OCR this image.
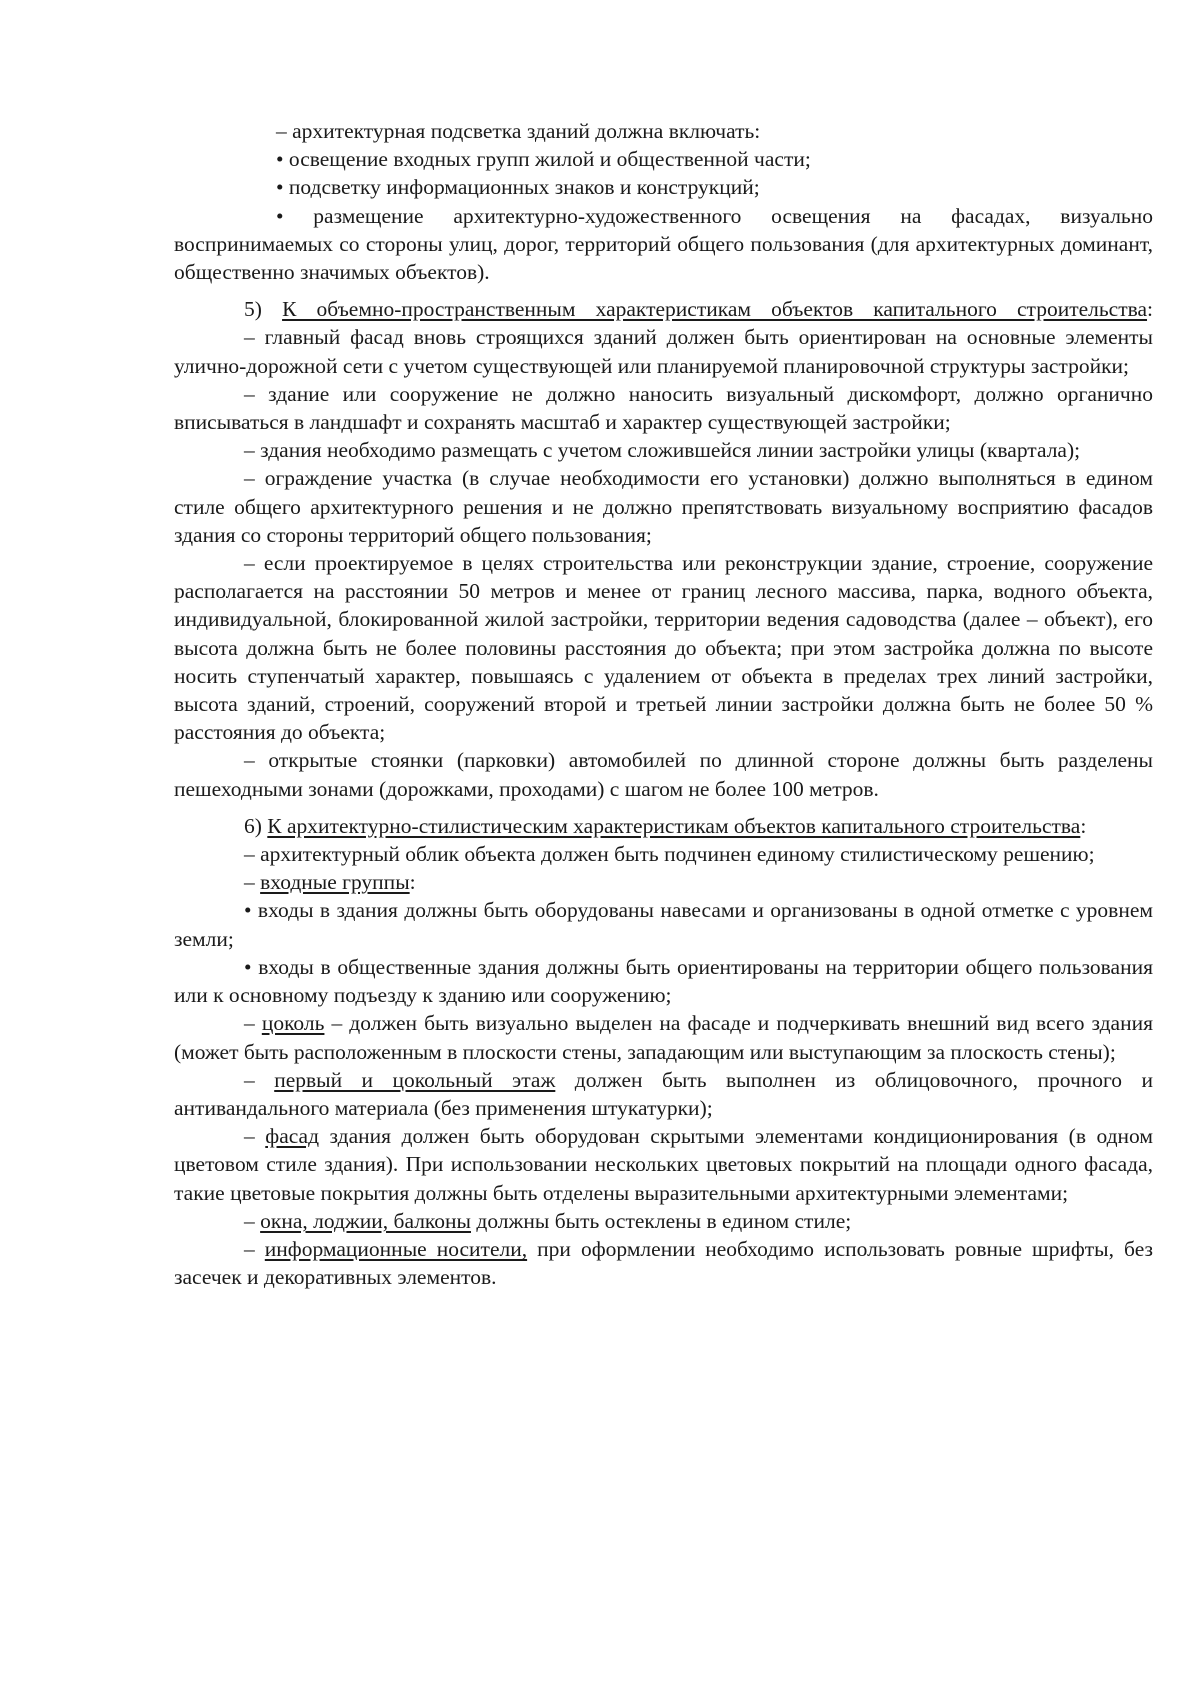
– архитектурная подсветка зданий должна включать:

• освещение входных групп жилой и общественной части;

• подсветку информационных знаков и конструкций;

• размещение архитектурно-художественного освещения на фасадах, визуально воспринимаемых со стороны улиц, дорог, территорий общего пользования (для архитектурных доминант, общественно значимых объектов).

5) К объемно-пространственным характеристикам объектов капитального строительства:

– главный фасад вновь строящихся зданий должен быть ориентирован на основные элементы улично-дорожной сети с учетом существующей или планируемой планировочной структуры застройки;

– здание или сооружение не должно наносить визуальный дискомфорт, должно органично вписываться в ландшафт и сохранять масштаб и характер существующей застройки;

– здания необходимо размещать с учетом сложившейся линии застройки улицы (квартала);

– ограждение участка (в случае необходимости его установки) должно выполняться в едином стиле общего архитектурного решения и не должно препятствовать визуальному восприятию фасадов здания со стороны территорий общего пользования;

– если проектируемое в целях строительства или реконструкции здание, строение, сооружение располагается на расстоянии 50 метров и менее от границ лесного массива, парка, водного объекта, индивидуальной, блокированной жилой застройки, территории ведения садоводства (далее – объект), его высота должна быть не более половины расстояния до объекта; при этом застройка должна по высоте носить ступенчатый характер, повышаясь с удалением от объекта в пределах трех линий застройки, высота зданий, строений, сооружений второй и третьей линии застройки должна быть не более 50 % расстояния до объекта;

– открытые стоянки (парковки) автомобилей по длинной стороне должны быть разделены пешеходными зонами (дорожками, проходами) с шагом не более 100 метров.

6) К архитектурно-стилистическим характеристикам объектов капитального строительства:

– архитектурный облик объекта должен быть подчинен единому стилистическому решению;

– входные группы:

• входы в здания должны быть оборудованы навесами и организованы в одной отметке с уровнем земли;

• входы в общественные здания должны быть ориентированы на территории общего пользования или к основному подъезду к зданию или сооружению;

– цоколь – должен быть визуально выделен на фасаде и подчеркивать внешний вид всего здания (может быть расположенным в плоскости стены, западающим или выступающим за плоскость стены);

– первый и цокольный этаж должен быть выполнен из облицовочного, прочного и антивандального материала (без применения штукатурки);

– фасад здания должен быть оборудован скрытыми элементами кондиционирования (в одном цветовом стиле здания). При использовании нескольких цветовых покрытий на площади одного фасада, такие цветовые покрытия должны быть отделены выразительными архитектурными элементами;

– окна, лоджии, балконы должны быть остеклены в едином стиле;

– информационные носители, при оформлении необходимо использовать ровные шрифты, без засечек и декоративных элементов.
